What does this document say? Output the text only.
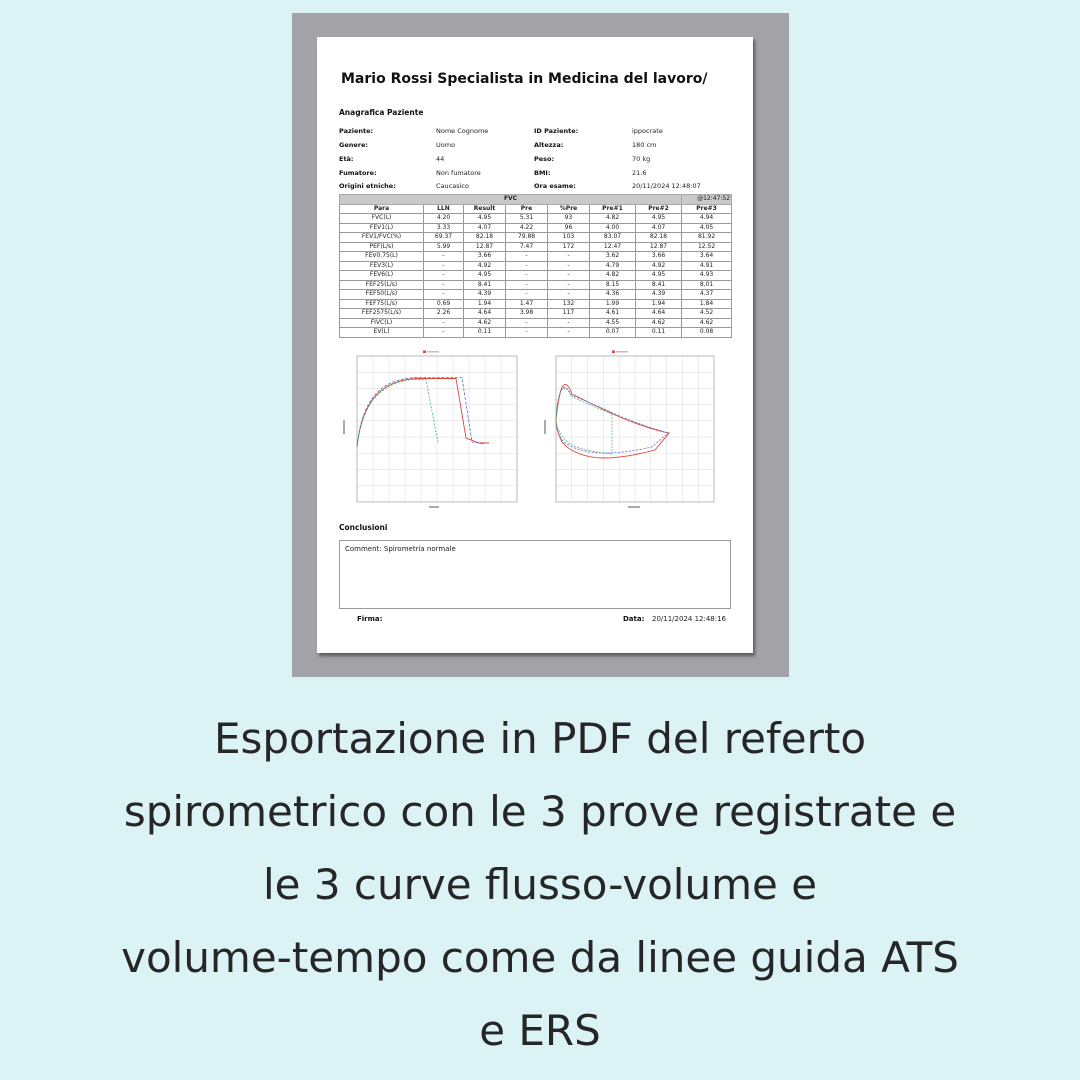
Mario Rossi Specialista in Medicina del lavoro/
Anagrafica Paziente
Paziente:	Nome Cognome	ID Paziente:	ippocrate
Genere:	Uomo	Altezza:	180 cm
Età:	44	Peso:	70 kg
Fumatore:	Non fumatore	BMI:	21.6
Origini etniche:	Caucasico	Ora esame:	20/11/2024 12:48:07
FVC							@12:47:52
Para	LLN	Result	Pre	%Pre	Pre#1	Pre#2	Pre#3
FVC(L)	4.20	4.95	5.31	93	4.82	4.95	4.94
FEV1(L)	3.33	4.07	4.22	96	4.00	4.07	4.05
FEV1/FVC(%)	69.37	82.18	79.88	103	83.07	82.18	81.92
PEF(L/s)	5.99	12.87	7.47	172	12.47	12.87	12.52
FEV0.75(L)	-	3.66	-	-	3.62	3.66	3.64
FEV3(L)	-	4.92	-	-	4.79	4.92	4.91
FEV6(L)	-	4.95	-	-	4.82	4.95	4.93
FEF25(L/s)	-	8.41	-	-	8.15	8.41	8.01
FEF50(L/s)	-	4.39	-	-	4.36	4.39	4.37
FEF75(L/s)	0.69	1.94	1.47	132	1.99	1.94	1.84
FEF2575(L/s)	2.26	4.64	3.98	117	4.61	4.64	4.52
FIVC(L)	-	4.62	-	-	4.55	4.62	4.62
EV(L)	-	0.11	-	-	0.07	0.11	0.08
Conclusioni
Comment: Spirometria normale
Firma:	Data: 20/11/2024 12:48:16
Esportazione in PDF del referto
spirometrico con le 3 prove registrate e
le 3 curve flusso-volume e
volume-tempo come da linee guida ATS
e ERS
